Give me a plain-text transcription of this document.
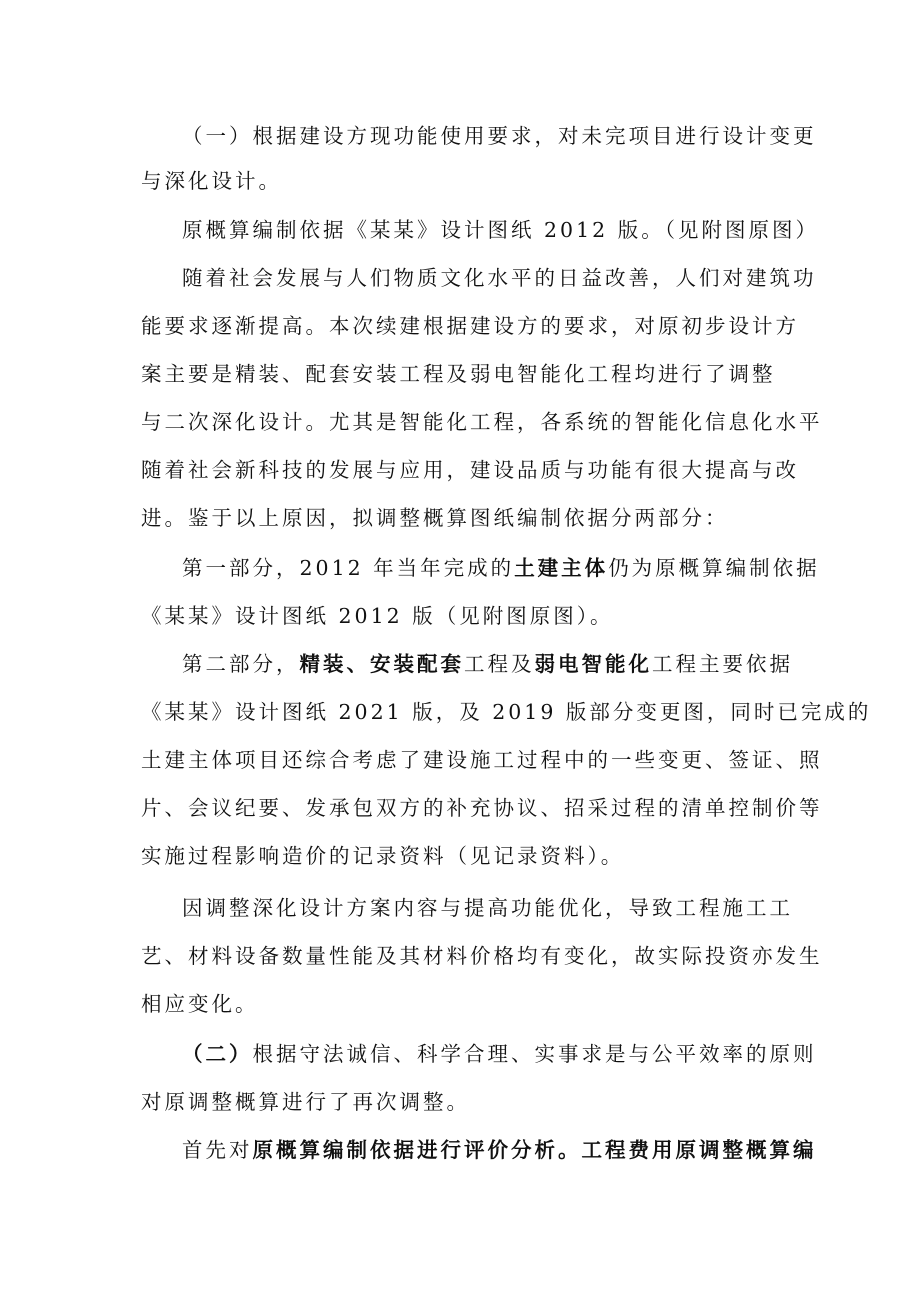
（一）根据建设方现功能使用要求，对未完项目进行设计变更
与深化设计。
原概算编制依据《某某》设计图纸 2012 版。（见附图原图）
随着社会发展与人们物质文化水平的日益改善，人们对建筑功
能要求逐渐提高。本次续建根据建设方的要求，对原初步设计方
案主要是精装、配套安装工程及弱电智能化工程均进行了调整
与二次深化设计。尤其是智能化工程，各系统的智能化信息化水平
随着社会新科技的发展与应用，建设品质与功能有很大提高与改
进。鉴于以上原因，拟调整概算图纸编制依据分两部分：
第一部分，2012 年当年完成的土建主体仍为原概算编制依据
《某某》设计图纸 2012 版（见附图原图）。
第二部分，精装、安装配套工程及弱电智能化工程主要依据
《某某》设计图纸 2021 版，及 2019 版部分变更图，同时已完成的
土建主体项目还综合考虑了建设施工过程中的一些变更、签证、照
片、会议纪要、发承包双方的补充协议、招采过程的清单控制价等
实施过程影响造价的记录资料（见记录资料）。
因调整深化设计方案内容与提高功能优化，导致工程施工工
艺、材料设备数量性能及其材料价格均有变化，故实际投资亦发生
相应变化。
（二）根据守法诚信、科学合理、实事求是与公平效率的原则
对原调整概算进行了再次调整。
首先对原概算编制依据进行评价分析。工程费用原调整概算编
